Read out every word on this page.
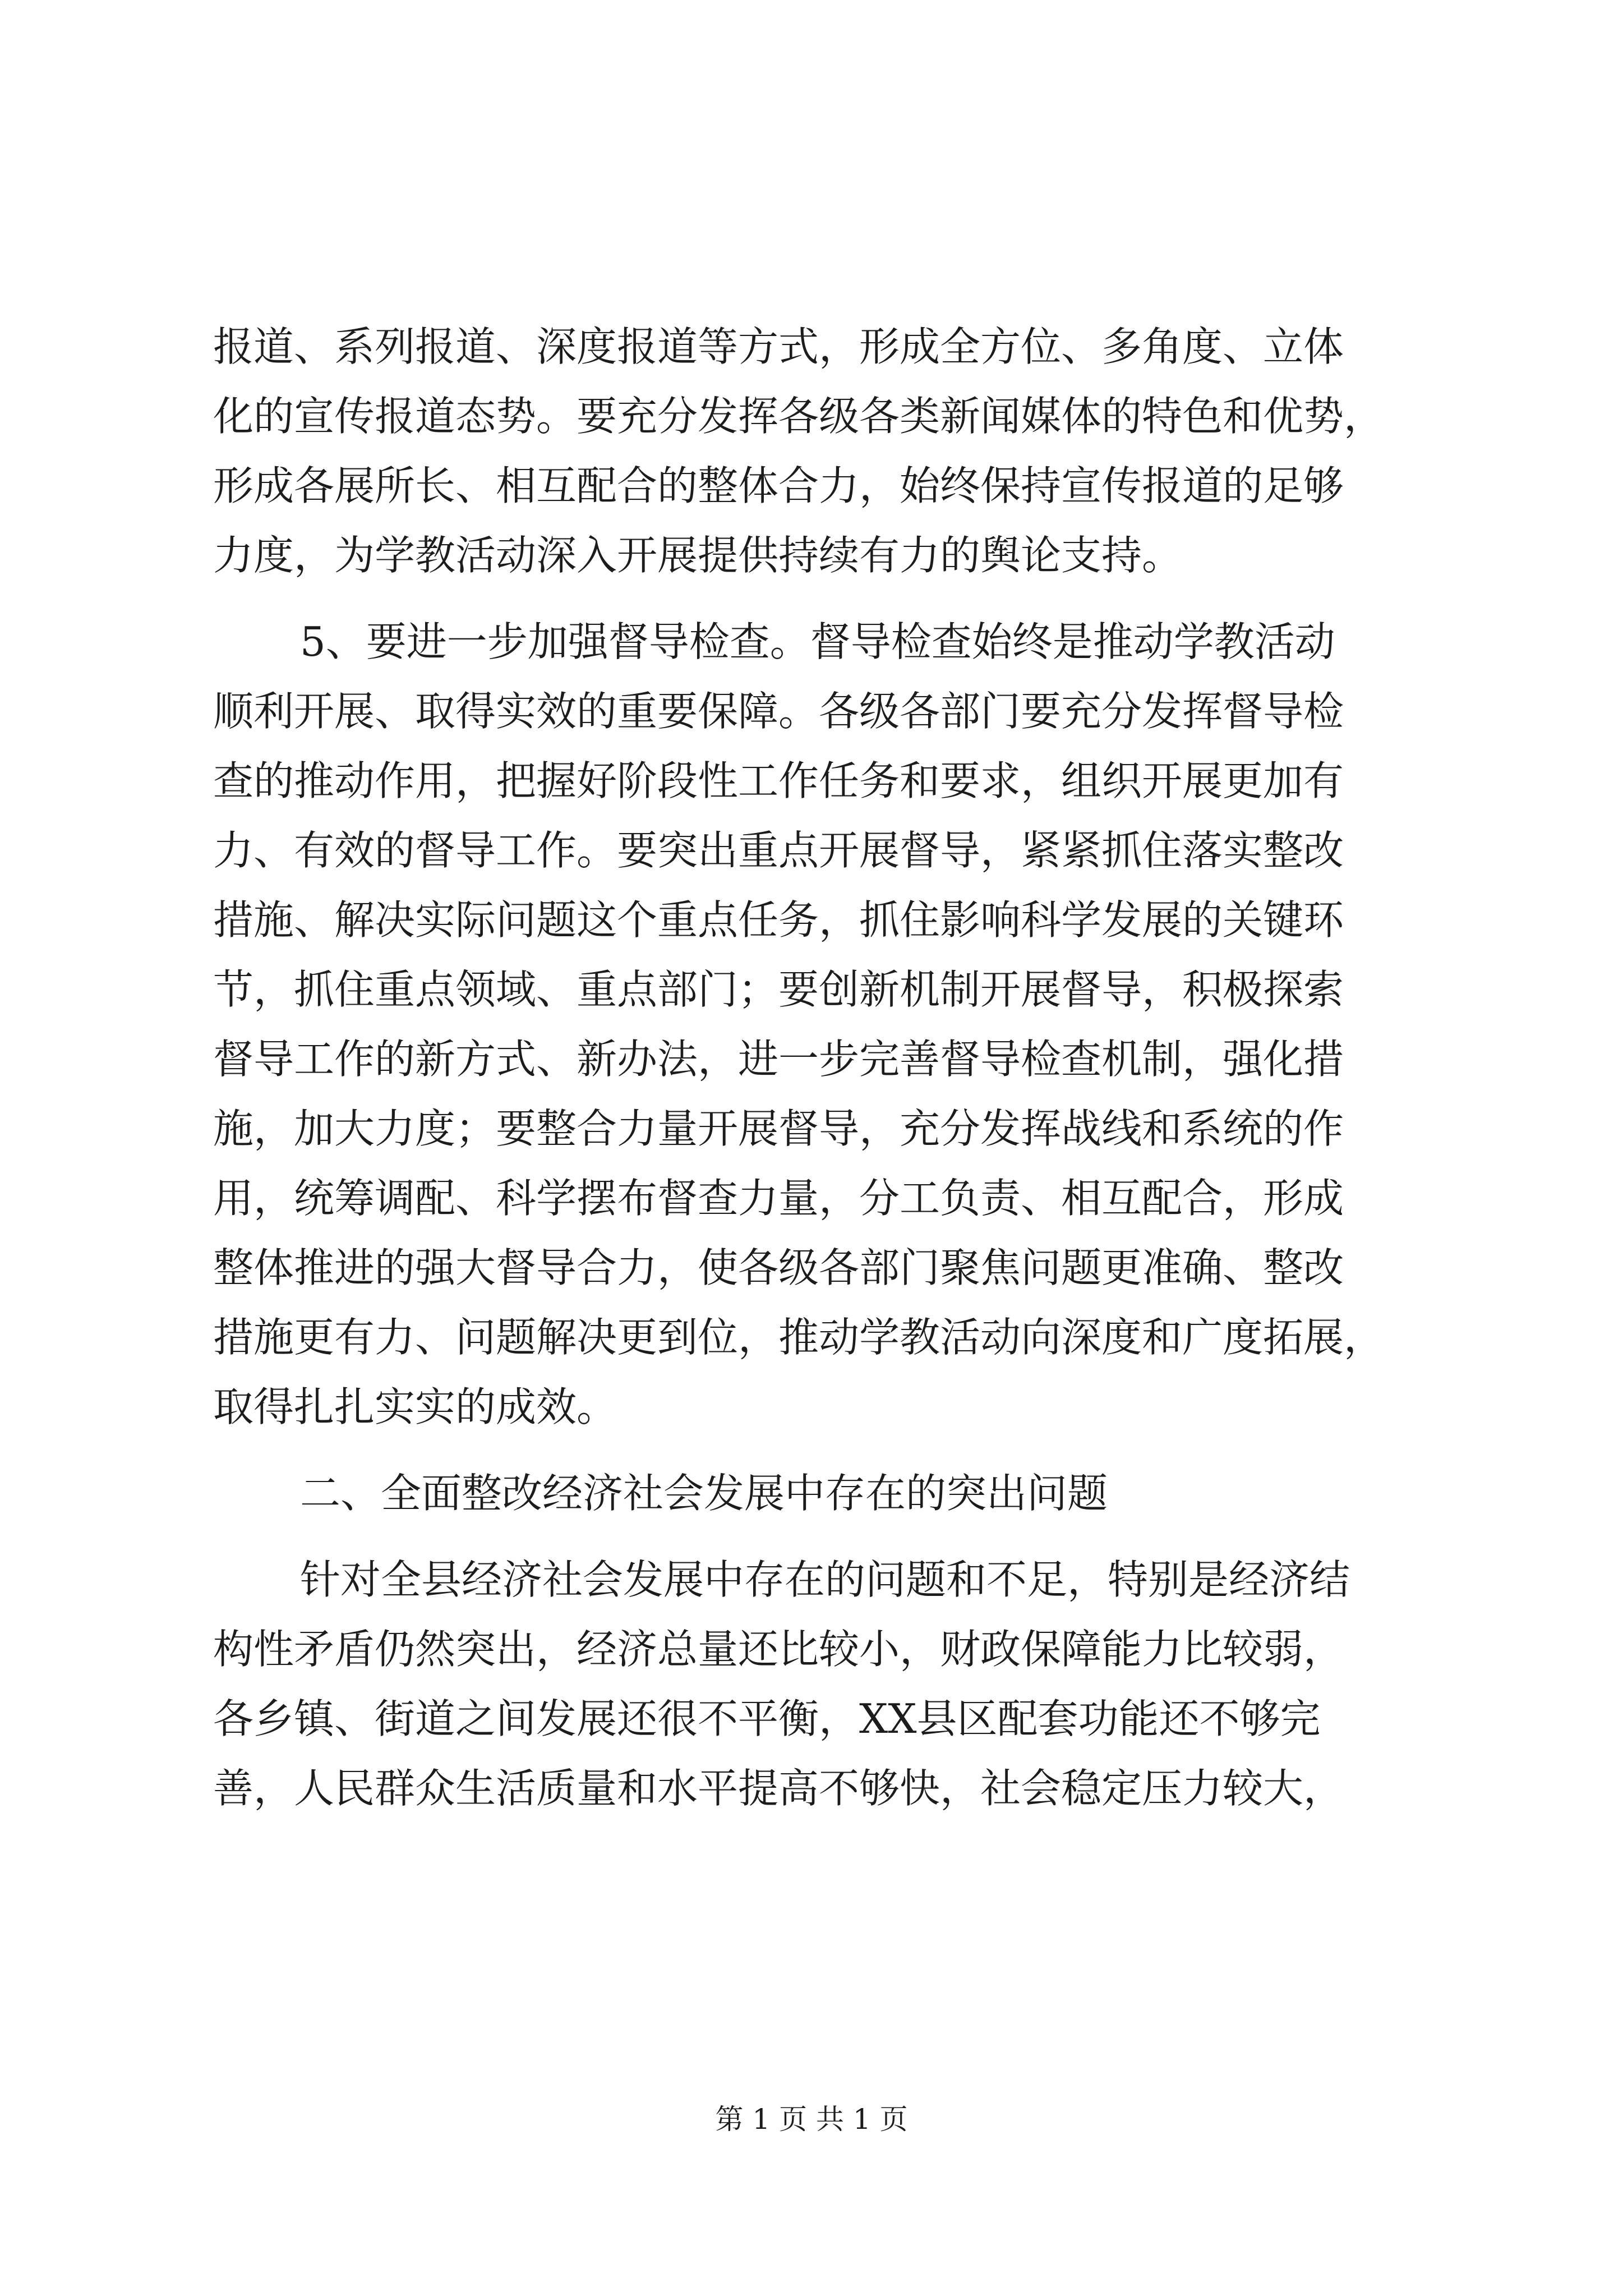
报道、系列报道、深度报道等方式，形成全方位、多角度、立体
化的宣传报道态势。要充分发挥各级各类新闻媒体的特色和优势，
形成各展所长、相互配合的整体合力，始终保持宣传报道的足够
力度，为学教活动深入开展提供持续有力的舆论支持。
5、要进一步加强督导检查。督导检查始终是推动学教活动
顺利开展、取得实效的重要保障。各级各部门要充分发挥督导检
查的推动作用，把握好阶段性工作任务和要求，组织开展更加有
力、有效的督导工作。要突出重点开展督导，紧紧抓住落实整改
措施、解决实际问题这个重点任务，抓住影响科学发展的关键环
节，抓住重点领域、重点部门；要创新机制开展督导，积极探索
督导工作的新方式、新办法，进一步完善督导检查机制，强化措
施，加大力度；要整合力量开展督导，充分发挥战线和系统的作
用，统筹调配、科学摆布督查力量，分工负责、相互配合，形成
整体推进的强大督导合力，使各级各部门聚焦问题更准确、整改
措施更有力、问题解决更到位，推动学教活动向深度和广度拓展，
取得扎扎实实的成效。
二、全面整改经济社会发展中存在的突出问题
针对全县经济社会发展中存在的问题和不足，特别是经济结
构性矛盾仍然突出，经济总量还比较小，财政保障能力比较弱，
各乡镇、街道之间发展还很不平衡，XX县区配套功能还不够完
善，人民群众生活质量和水平提高不够快，社会稳定压力较大，
第 1 页 共 1 页
